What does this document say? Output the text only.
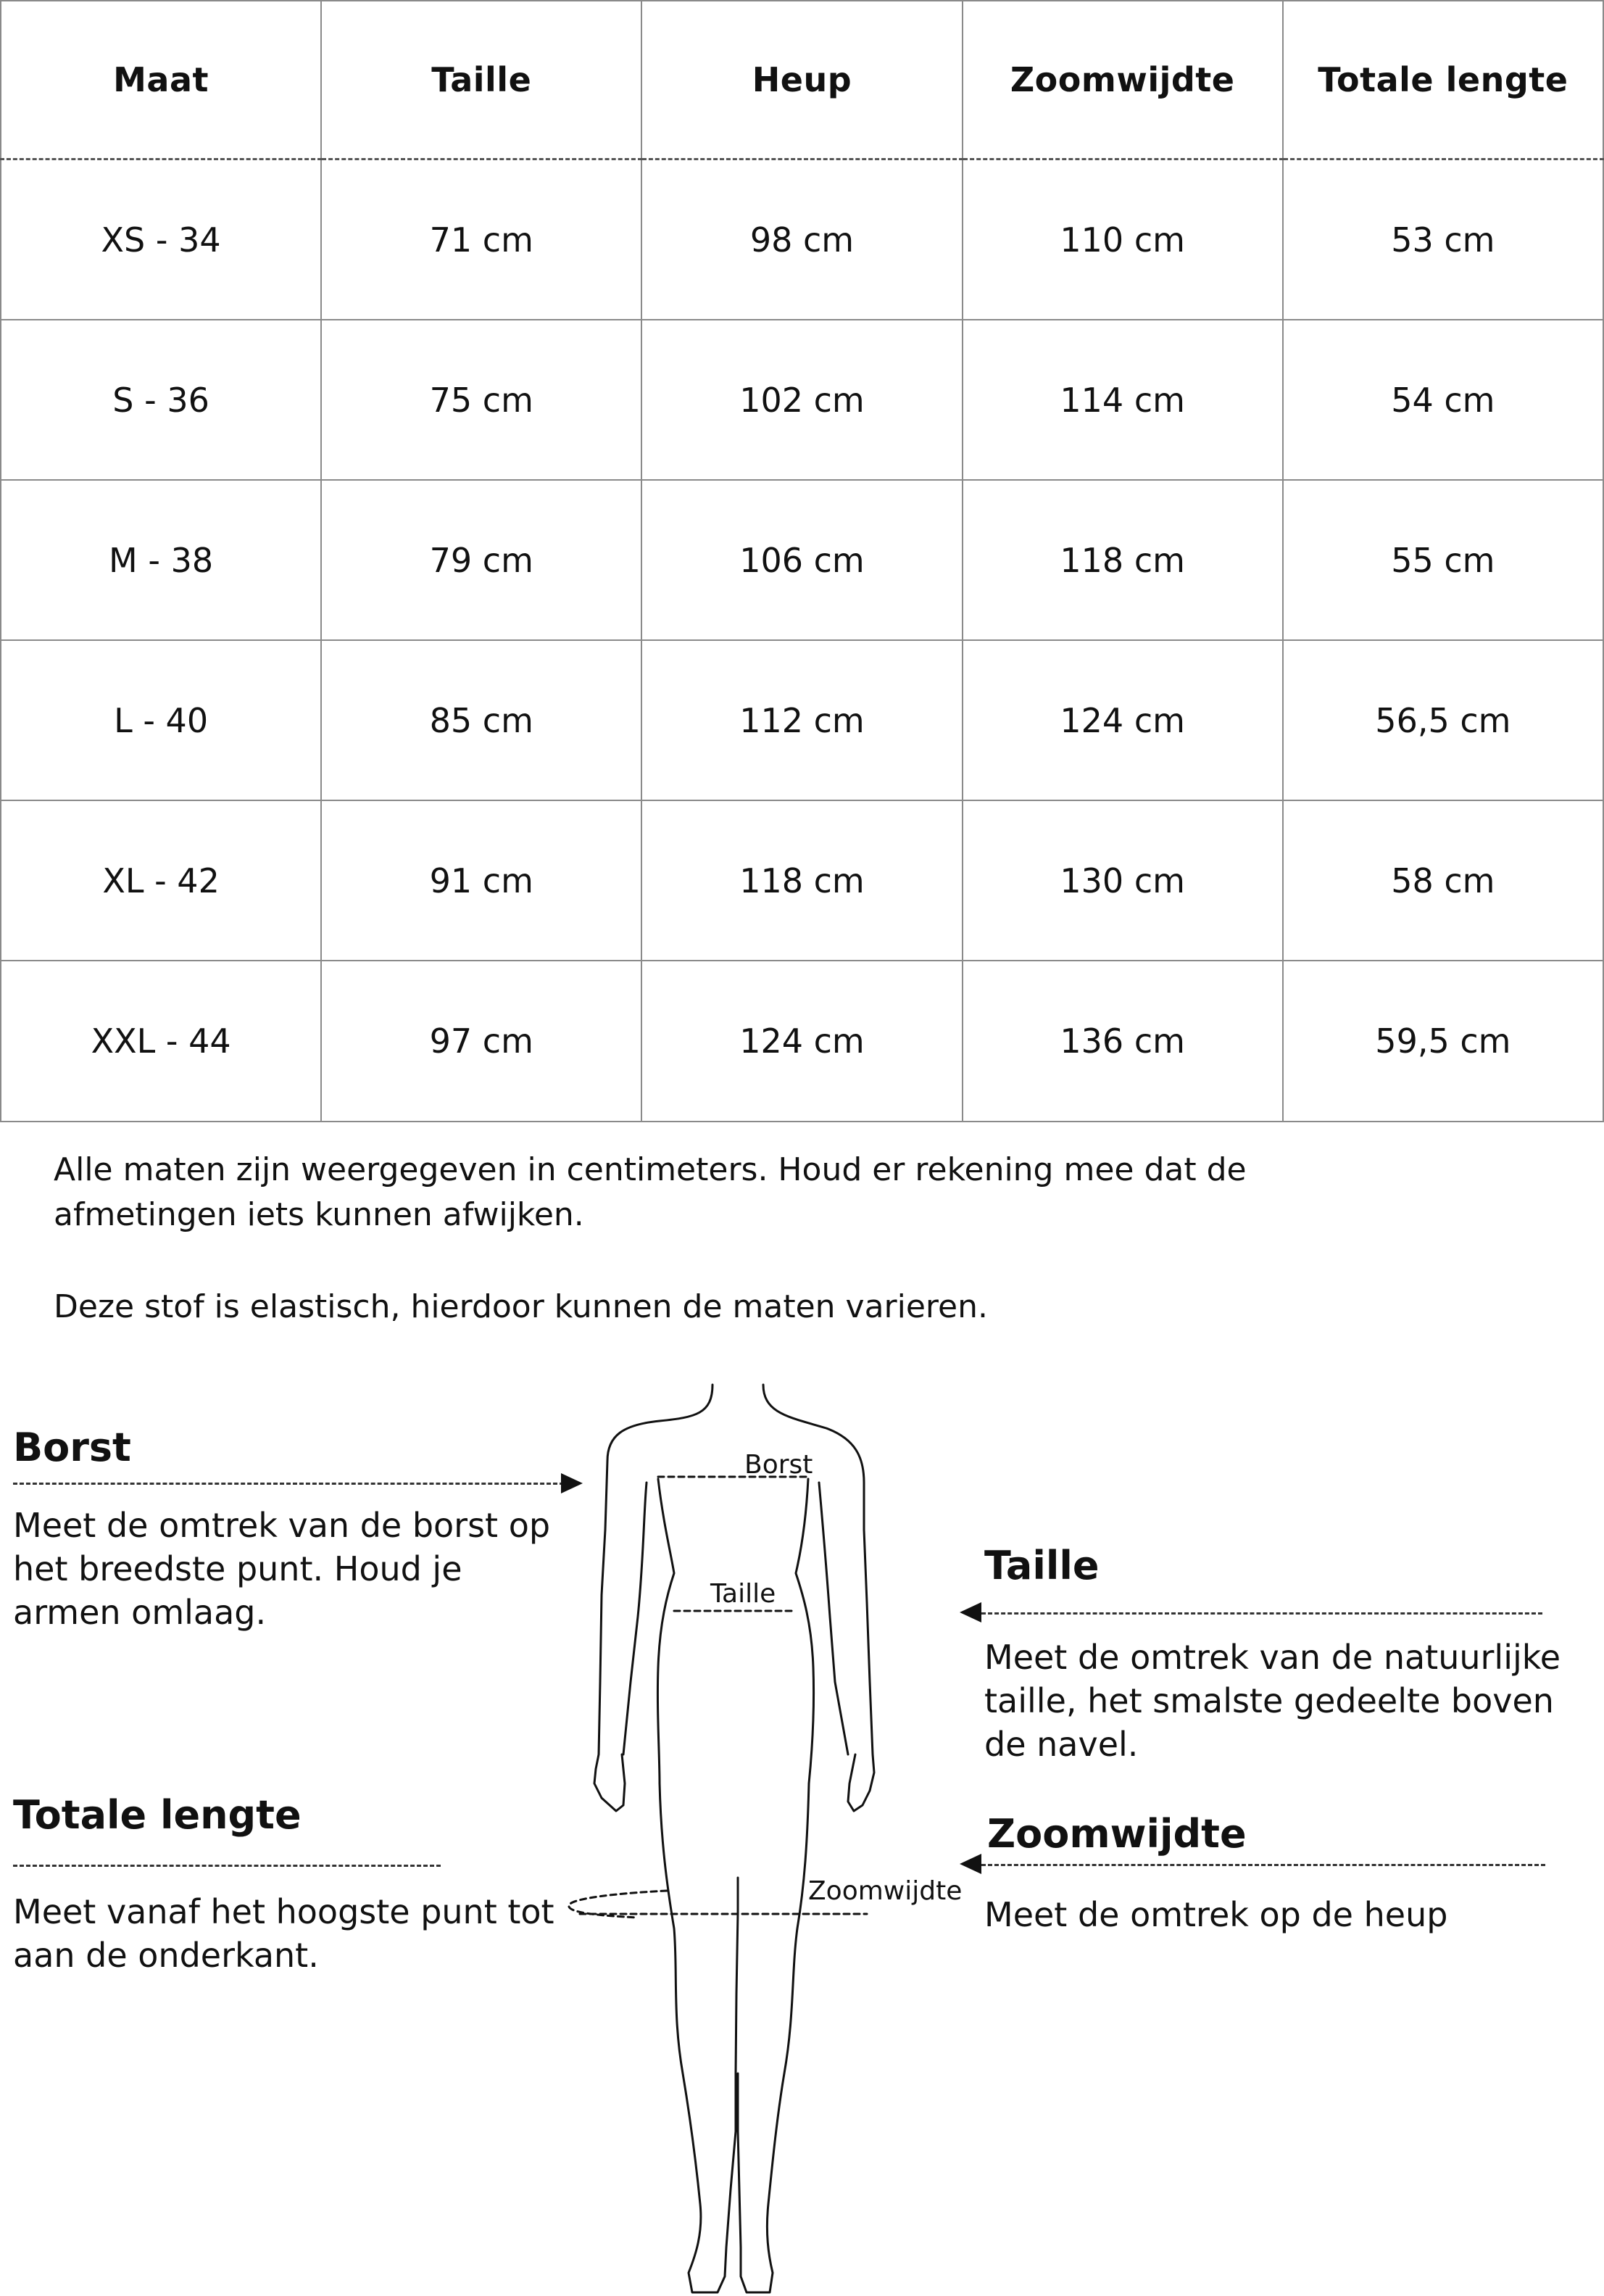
Maat	Taille	Heup	Zoomwijdte	Totale lengte
XS - 34	71 cm	98 cm	110 cm	53 cm
S - 36	75 cm	102 cm	114 cm	54 cm
M - 38	79 cm	106 cm	118 cm	55 cm
L - 40	85 cm	112 cm	124 cm	56,5 cm
XL - 42	91 cm	118 cm	130 cm	58 cm
XXL - 44	97 cm	124 cm	136 cm	59,5 cm

Alle maten zijn weergegeven in centimeters. Houd er rekening mee dat de afmetingen iets kunnen afwijken.

Deze stof is elastisch, hierdoor kunnen de maten varieren.

Borst

Meet de omtrek van de borst op het breedste punt. Houd je armen omlaag.

Taille

Meet de omtrek van de natuurlijke taille, het smalste gedeelte boven de navel.

Totale lengte

Meet vanaf het hoogste punt tot aan de onderkant.

Zoomwijdte

Meet de omtrek op de heup

Borst
Taille
Zoomwijdte
